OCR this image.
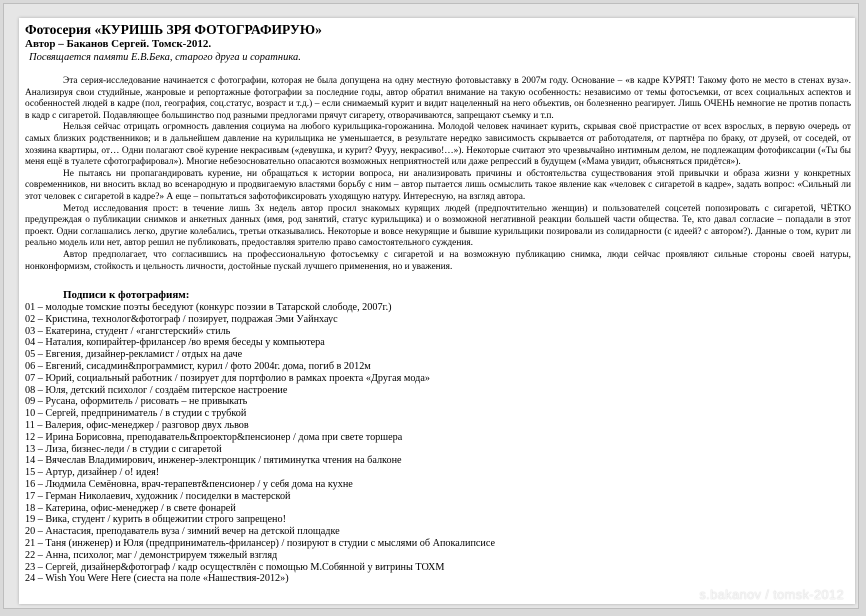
Фотосерия «КУРИШЬ ЗРЯ ФОТОГРАФИРУЮ»
Автор – Баканов Сергей. Томск-2012.
Посвящается памяти Е.В.Бека, старого друга и соратника.

Эта серия-исследование начинается с фотографии, которая не была допущена на одну местную фотовыставку в 2007м году. Основание – «в кадре КУРЯТ! Такому фото не место в стенах вуза». Анализируя свои студийные, жанровые и репортажные фотографии за последние годы, автор обратил внимание на такую особенность: независимо от темы фотосъемки, от всех социальных аспектов и особенностей людей в кадре (пол, география, соц.статус, возраст и т.д.) – если снимаемый курит и видит нацеленный на него объектив, он болезненно реагирует. Лишь ОЧЕНЬ немногие не против попасть в кадр с сигаретой. Подавляющее большинство под разными предлогами прячут сигарету, отворачиваются, запрещают съемку и т.п.

Нельзя сейчас отрицать огромность давления социума на любого курильщика-горожанина. Молодой человек начинает курить, скрывая своё пристрастие от всех взрослых, в первую очередь от самых близких родственников; и в дальнейшем давление на курильщика не уменьшается, в результате нередко зависимость скрывается от работодателя, от партнёра по браку, от друзей, от соседей, от хозяина квартиры, от… Одни полагают своё курение некрасивым («девушка, и курит? Фууу, некрасиво!…»). Некоторые считают это чрезвычайно интимным делом, не подлежащим фотофиксации («Ты бы меня ещё в туалете сфотографировал»). Многие небезосновательно опасаются возможных неприятностей или даже репрессий в будущем («Мама увидит, объясняться придётся»).

Не пытаясь ни пропагандировать курение, ни обращаться к истории вопроса, ни анализировать причины и обстоятельства существования этой привычки и образа жизни у конкретных современников, ни вносить вклад во всенародную и продвигаемую властями борьбу с ним – автор пытается лишь осмыслить такое явление как «человек с сигаретой в кадре», задать вопрос: «Сильный ли этот человек с сигаретой в кадре?» А еще – попытаться зафотофиксировать уходящую натуру. Интересную, на взгляд автора.

Метод исследования прост: в течение лишь 3х недель автор просил знакомых курящих людей (предпочтительно женщин) и пользователей соцсетей попозировать с сигаретой, ЧЁТКО предупреждая о публикации снимков и анкетных данных (имя, род занятий, статус курильщика) и о возможной негативной реакции большей части общества. Те, кто давал согласие – попадали в этот проект. Одни соглашались легко, другие колебались, третьи отказывались. Некоторые и вовсе некурящие и бывшие курильщики позировали из солидарности (с идеей? с автором?). Данные о том, курит ли реально модель или нет, автор решил не публиковать, предоставляя зрителю право самостоятельного суждения.

Автор предполагает, что согласившись на профессиональную фотосъемку с сигаретой и на возможную публикацию снимка, люди сейчас проявляют сильные стороны своей натуры, нонконформизм, стойкость и цельность личности, достойные пускай лучшего применения, но и уважения.

Подписи к фотографиям:
01 – молодые томские поэты беседуют (конкурс поэзии в Татарской слободе, 2007г.)
02 – Кристина, технолог&фотограф / позирует, подражая Эми Уайнхаус
03 – Екатерина, студент / «гангстерский» стиль
04 – Наталия, копирайтер-фрилансер /во время беседы у компьютера
05 – Евгения, дизайнер-рекламист / отдых на даче
06 – Евгений, сисадмин&программист, курил / фото 2004г. дома, погиб в 2012м
07 – Юрий, социальный работник / позирует для портфолио в рамках проекта «Другая мода»
08 – Юля, детский психолог / создаём питерское настроение
09 – Русана, оформитель / рисовать – не привыкать
10 – Сергей, предприниматель / в студии с трубкой
11 – Валерия, офис-менеджер / разговор двух львов
12 – Ирина Борисовна, преподаватель&проектор&пенсионер / дома при свете торшера
13 – Лиза, бизнес-леди / в студии с сигаретой
14 – Вячеслав Владимирович, инженер-электронщик / пятиминутка чтения на балконе
15 – Артур, дизайнер / о! идея!
16 – Людмила Семёновна, врач-терапевт&пенсионер / у себя дома на кухне
17 – Герман Николаевич, художник / посиделки в мастерской
18 – Катерина, офис-менеджер / в свете фонарей
19 – Вика, студент / курить в общежитии строго запрещено!
20 – Анастасия, преподаватель вуза / зимний вечер на детской площадке
21 – Таня (инженер) и Юля (предприниматель-фрилансер) / позируют в студии с мыслями об Апокалипсисе
22 – Анна, психолог, маг / демонстрируем тяжелый взгляд
23 – Сергей, дизайнер&фотограф / кадр осуществлён с помощью М.Собянной у витрины ТОХМ
24 – Wish You Were Here (сиеста на поле «Нашествия-2012»)
s.bakanov / tomsk-2012
